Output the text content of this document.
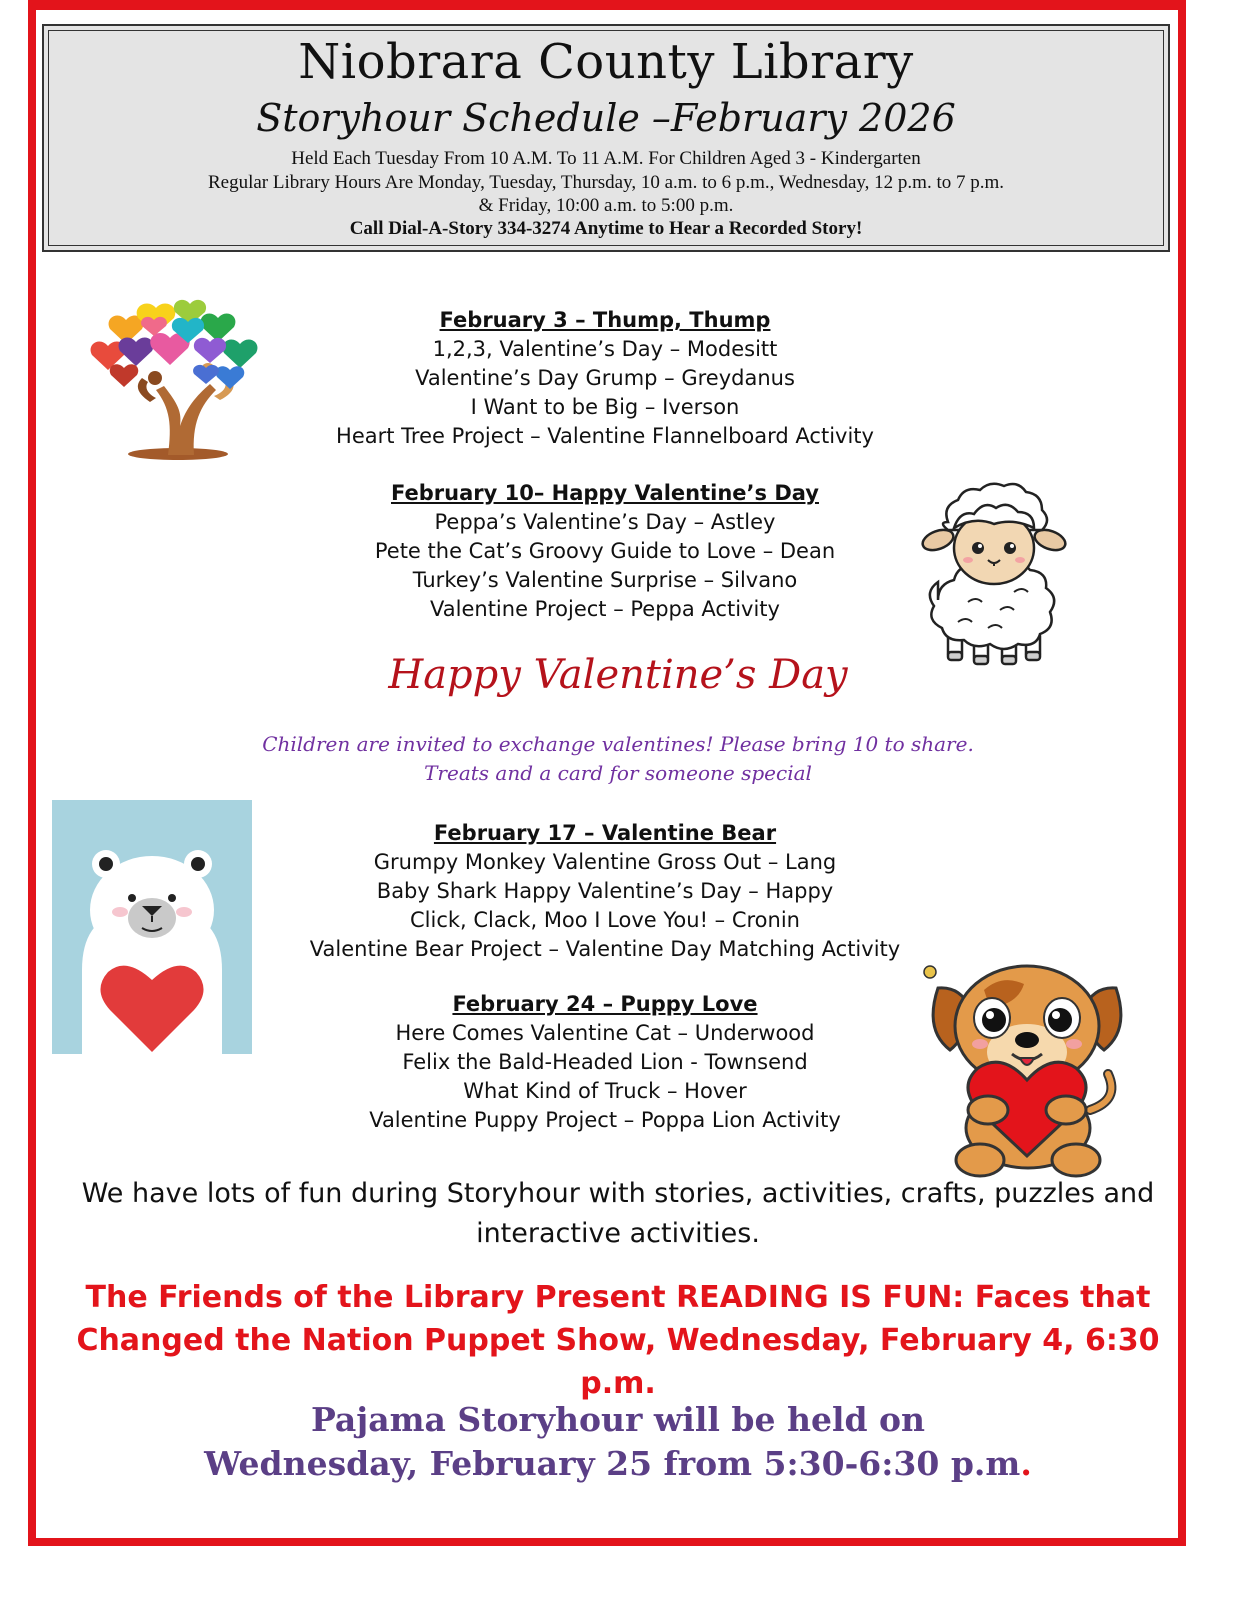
Niobrara County Library
Storyhour Schedule –February 2026
Held Each Tuesday From 10 A.M. To 11 A.M. For Children Aged 3 - Kindergarten
Regular Library Hours Are Monday, Tuesday, Thursday, 10 a.m. to 6 p.m., Wednesday, 12 p.m. to 7 p.m.
& Friday, 10:00 a.m. to 5:00 p.m.
Call Dial-A-Story 334-3274 Anytime to Hear a Recorded Story!
February 3 – Thump, Thump
1,2,3, Valentine’s Day – Modesitt
Valentine’s Day Grump – Greydanus
I Want to be Big – Iverson
Heart Tree Project – Valentine Flannelboard Activity
February 10– Happy Valentine’s Day
Peppa’s Valentine’s Day – Astley
Pete the Cat’s Groovy Guide to Love – Dean
Turkey’s Valentine Surprise – Silvano
Valentine Project – Peppa Activity
Happy Valentine’s Day
Children are invited to exchange valentines! Please bring 10 to share.
Treats and a card for someone special
February 17 – Valentine Bear
Grumpy Monkey Valentine Gross Out – Lang
Baby Shark Happy Valentine’s Day – Happy
Click, Clack, Moo I Love You! – Cronin
Valentine Bear Project – Valentine Day Matching Activity
February 24 – Puppy Love
Here Comes Valentine Cat – Underwood
Felix the Bald-Headed Lion - Townsend
What Kind of Truck – Hover
Valentine Puppy Project – Poppa Lion Activity
We have lots of fun during Storyhour with stories, activities, crafts, puzzles and interactive activities.
The Friends of the Library Present READING IS FUN: Faces that Changed the Nation Puppet Show, Wednesday, February 4, 6:30 p.m.
Pajama Storyhour will be held on
Wednesday, February 25 from 5:30-6:30 p.m.
